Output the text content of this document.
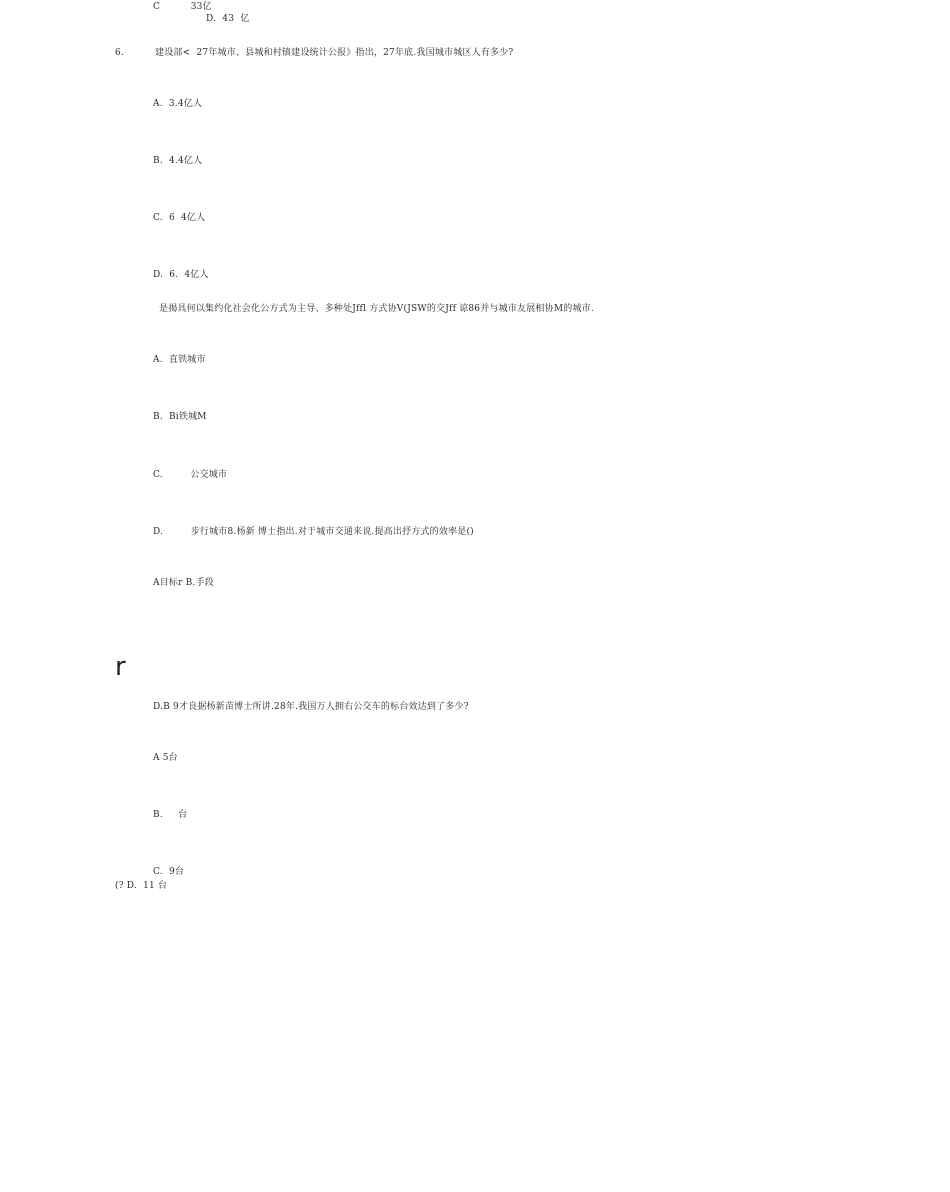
C          33亿
D.  43  亿
6.	建设部<  27年城市、县城和村镇建设统计公报》指出，27年底.我国城市城区人有多少?
A.  3.4亿人
B.  4.4亿人
C.  6  4亿人
D.  6.  4亿人
是揭具何以集约化社会化公方式为主导、多种处Jffl 方式协V(JSW的交Jff 谅86并与城市友展相协M的城市.
A.  直铁城市
B.  Bi铁城M
C.         公交城市
D.         步行城市8.杨新 博士指出.对于城市交通来说.提高出抒方式的效率是()
A目标r B.手段
r
D.B 9才良据杨新苗博士所讲.28年.我国万人拥右公交车的标台效达到了多少?
A 5台
B.     台
C.  9台
(? D.  11 台
